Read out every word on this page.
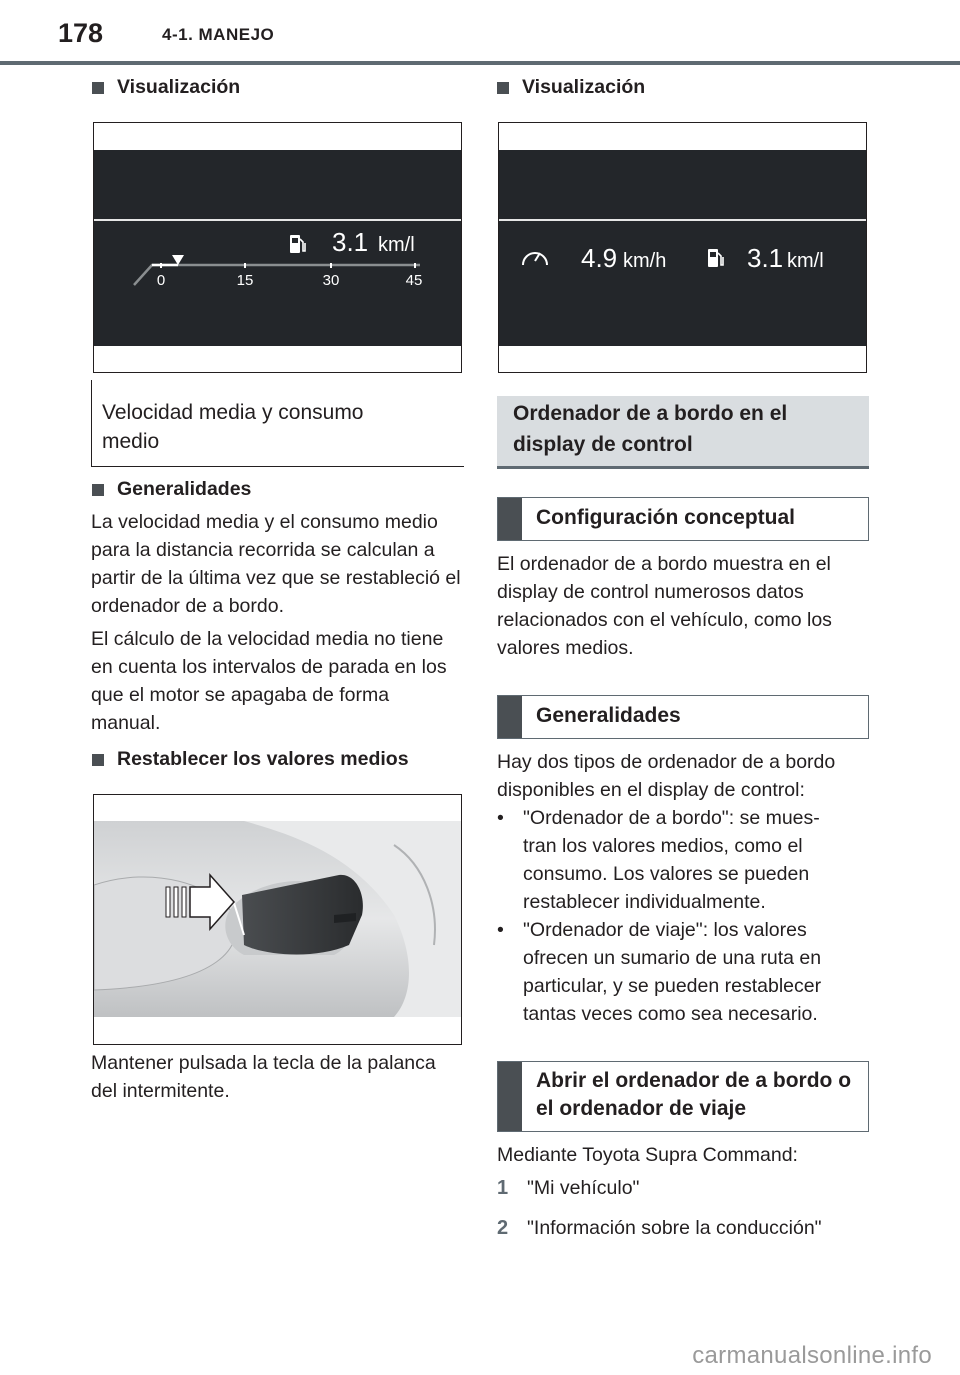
178	4-1. MANEJO
Visualización
3.1 km/l
0	15	30	45
Velocidad media y consumo medio
Generalidades
La velocidad media y el consumo medio para la distancia recorrida se calculan a partir de la última vez que se restableció el ordenador de a bordo.
El cálculo de la velocidad media no tiene en cuenta los intervalos de parada en los que el motor se apagaba de forma manual.
Restablecer los valores medios
Mantener pulsada la tecla de la palanca del intermitente.
Visualización
4.9 km/h	3.1 km/l
Ordenador de a bordo en el display de control
Configuración conceptual
El ordenador de a bordo muestra en el display de control numerosos datos relacionados con el vehículo, como los valores medios.
Generalidades
Hay dos tipos de ordenador de a bordo disponibles en el display de control:
• "Ordenador de a bordo": se mues-tran los valores medios, como el consumo. Los valores se pueden restablecer individualmente.
• "Ordenador de viaje": los valores ofrecen un sumario de una ruta en particular, y se pueden restablecer tantas veces como sea necesario.
Abrir el ordenador de a bordo o el ordenador de viaje
Mediante Toyota Supra Command:
1 "Mi vehículo"
2 "Información sobre la conducción"
carmanualsonline.info
